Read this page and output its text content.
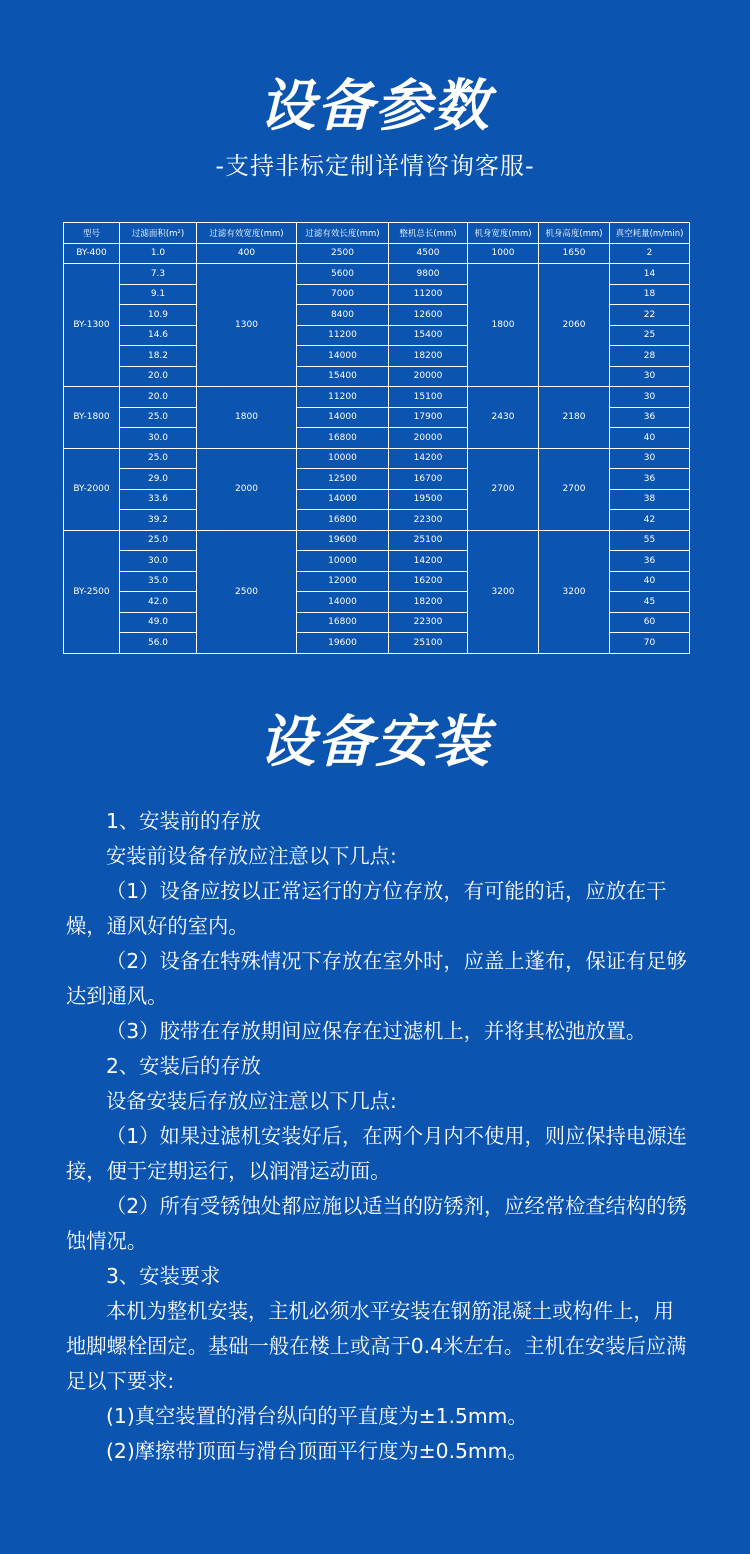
设备参数
-支持非标定制详情咨询客服-
型号	过滤面积(m²)	过滤有效宽度(mm)	过滤有效长度(mm)	整机总长(mm)	机身宽度(mm)	机身高度(mm)	真空耗量(m/min)
BY-400	1.0	400	2500	4500	1000	1650	2
BY-1300	7.3	1300	5600	9800	1800	2060	14
	9.1		7000	11200			18
	10.9		8400	12600			22
	14.6		11200	15400			25
	18.2		14000	18200			28
	20.0		15400	20000			30
BY-1800	20.0	1800	11200	15100	2430	2180	30
	25.0		14000	17900			36
	30.0		16800	20000			40
BY-2000	25.0	2000	10000	14200	2700	2700	30
	29.0		12500	16700			36
	33.6		14000	19500			38
	39.2		16800	22300			42
BY-2500	25.0	2500	19600	25100	3200	3200	55
	30.0		10000	14200			36
	35.0		12000	16200			40
	42.0		14000	18200			45
	49.0		16800	22300			60
	56.0		19600	25100			70
设备安装

1、安装前的存放

安装前设备存放应注意以下几点:

（1）设备应按以正常运行的方位存放，有可能的话，应放在干燥，通风好的室内。

（2）设备在特殊情况下存放在室外时，应盖上蓬布，保证有足够达到通风。

（3）胶带在存放期间应保存在过滤机上，并将其松弛放置。

2、安装后的存放

设备安装后存放应注意以下几点:

（1）如果过滤机安装好后，在两个月内不使用，则应保持电源连接，便于定期运行，以润滑运动面。

（2）所有受锈蚀处都应施以适当的防锈剂，应经常检查结构的锈蚀情况。

3、安装要求

本机为整机安装，主机必须水平安装在钢筋混凝土或构件上，用地脚螺栓固定。基础一般在楼上或高于0.4米左右。主机在安装后应满足以下要求:

(1)真空装置的滑台纵向的平直度为±1.5mm。

(2)摩擦带顶面与滑台顶面平行度为±0.5mm。
